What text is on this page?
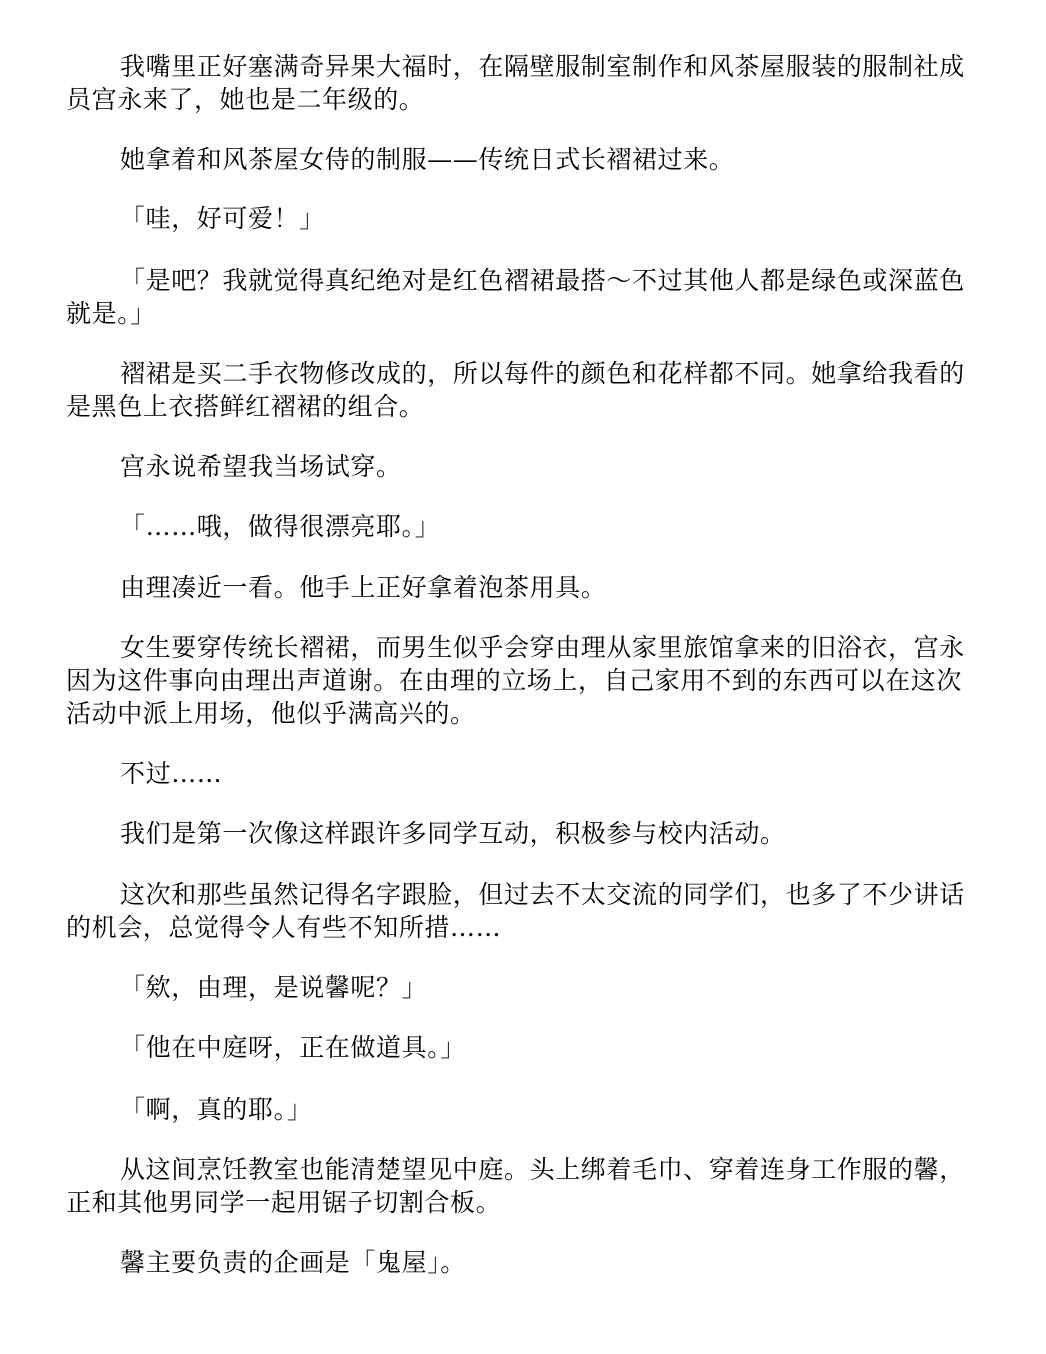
我嘴里正好塞满奇异果大福时，在隔壁服制室制作和风茶屋服装的服制社成员宫永来了，她也是二年级的。

她拿着和风茶屋女侍的制服——传统日式长褶裙过来。

「哇，好可爱！」

「是吧？我就觉得真纪绝对是红色褶裙最搭～不过其他人都是绿色或深蓝色就是。」

褶裙是买二手衣物修改成的，所以每件的颜色和花样都不同。她拿给我看的是黑色上衣搭鲜红褶裙的组合。

宫永说希望我当场试穿。

「……哦，做得很漂亮耶。」

由理凑近一看。他手上正好拿着泡茶用具。

女生要穿传统长褶裙，而男生似乎会穿由理从家里旅馆拿来的旧浴衣，宫永因为这件事向由理出声道谢。在由理的立场上，自己家用不到的东西可以在这次活动中派上用场，他似乎满高兴的。

不过……

我们是第一次像这样跟许多同学互动，积极参与校内活动。

这次和那些虽然记得名字跟脸，但过去不太交流的同学们，也多了不少讲话的机会，总觉得令人有些不知所措……

「欸，由理，是说馨呢？」

「他在中庭呀，正在做道具。」

「啊，真的耶。」

从这间烹饪教室也能清楚望见中庭。头上绑着毛巾、穿着连身工作服的馨，正和其他男同学一起用锯子切割合板。

馨主要负责的企画是「鬼屋」。
